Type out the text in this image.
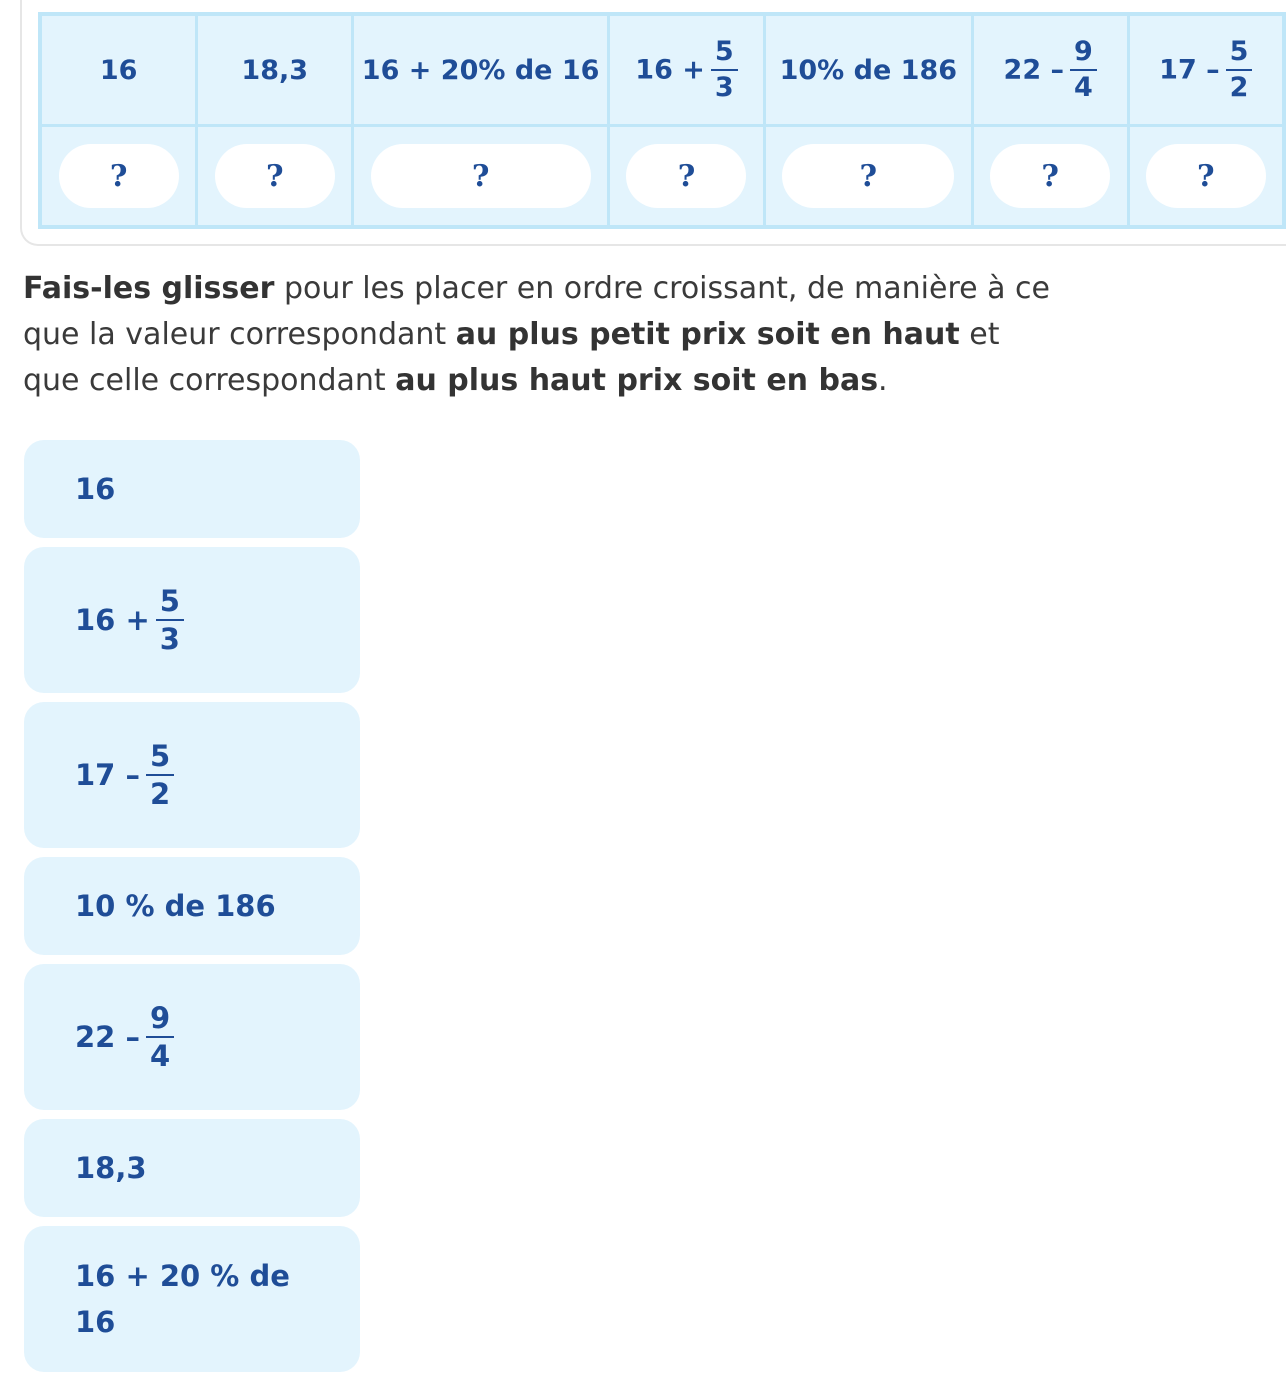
16	18,3	16 + 20% de 16	$16 + \frac{5}{3}$	10% de 186	$22 - \frac{9}{4}$	$17 - \frac{5}{2}$

?	?	?	?	?	?	?

Fais-les glisser pour les placer en ordre croissant, de manière à ce que la valeur correspondant au plus petit prix soit en haut et que celle correspondant au plus haut prix soit en bas.

16
$16 + \frac{5}{3}$
$17 - \frac{5}{2}$
10 % de 186
$22 - \frac{9}{4}$
18,3
16 + 20 % de 16
